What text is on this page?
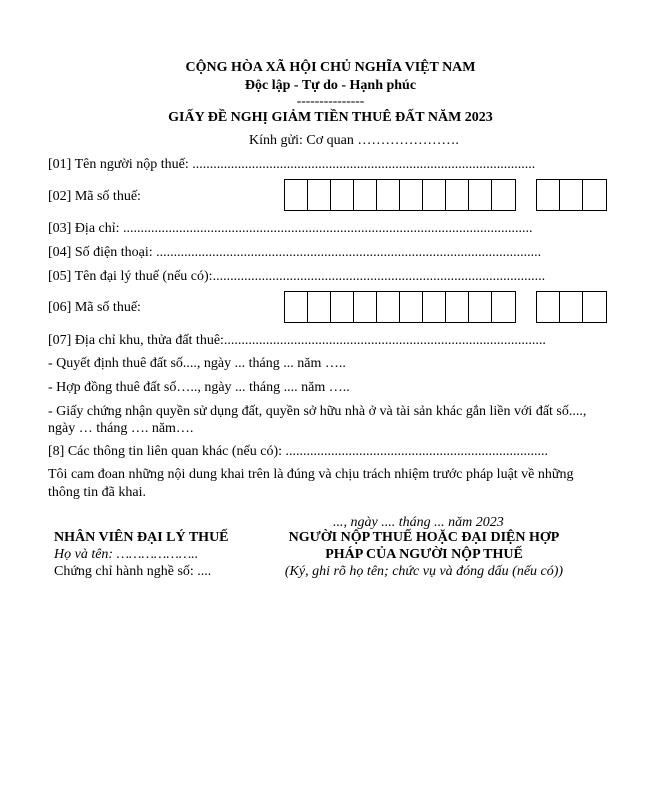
CỘNG HÒA XÃ HỘI CHỦ NGHĨA VIỆT NAM
Độc lập - Tự do - Hạnh phúc
---------------
GIẤY ĐỀ NGHỊ GIẢM TIỀN THUÊ ĐẤT NĂM 2023
Kính gửi: Cơ quan ………………….
[01] Tên người nộp thuế: ..................................................................................................
[02] Mã số thuế:
[03] Địa chỉ: .....................................................................................................................
[04] Số điện thoại: ..............................................................................................................
[05] Tên đại lý thuế (nếu có):...............................................................................................
[06] Mã số thuế:
[07] Địa chỉ khu, thửa đất thuê:............................................................................................
- Quyết định thuê đất số...., ngày ... tháng ... năm …..
- Hợp đồng thuê đất số….., ngày ... tháng .... năm …..
- Giấy chứng nhận quyền sử dụng đất, quyền sở hữu nhà ở và tài sản khác gắn liền với đất số....,
ngày … tháng …. năm….
[8] Các thông tin liên quan khác (nếu có): ...........................................................................
Tôi cam đoan những nội dung khai trên là đúng và chịu trách nhiệm trước pháp luật về những
thông tin đã khai.
..., ngày .... tháng ... năm 2023
NHÂN VIÊN ĐẠI LÝ THUẾ
Họ và tên: ………………..
Chứng chỉ hành nghề số: ....
NGƯỜI NỘP THUẾ HOẶC ĐẠI DIỆN HỢP
PHÁP CỦA NGƯỜI NỘP THUẾ
(Ký, ghi rõ họ tên; chức vụ và đóng dấu (nếu có))
